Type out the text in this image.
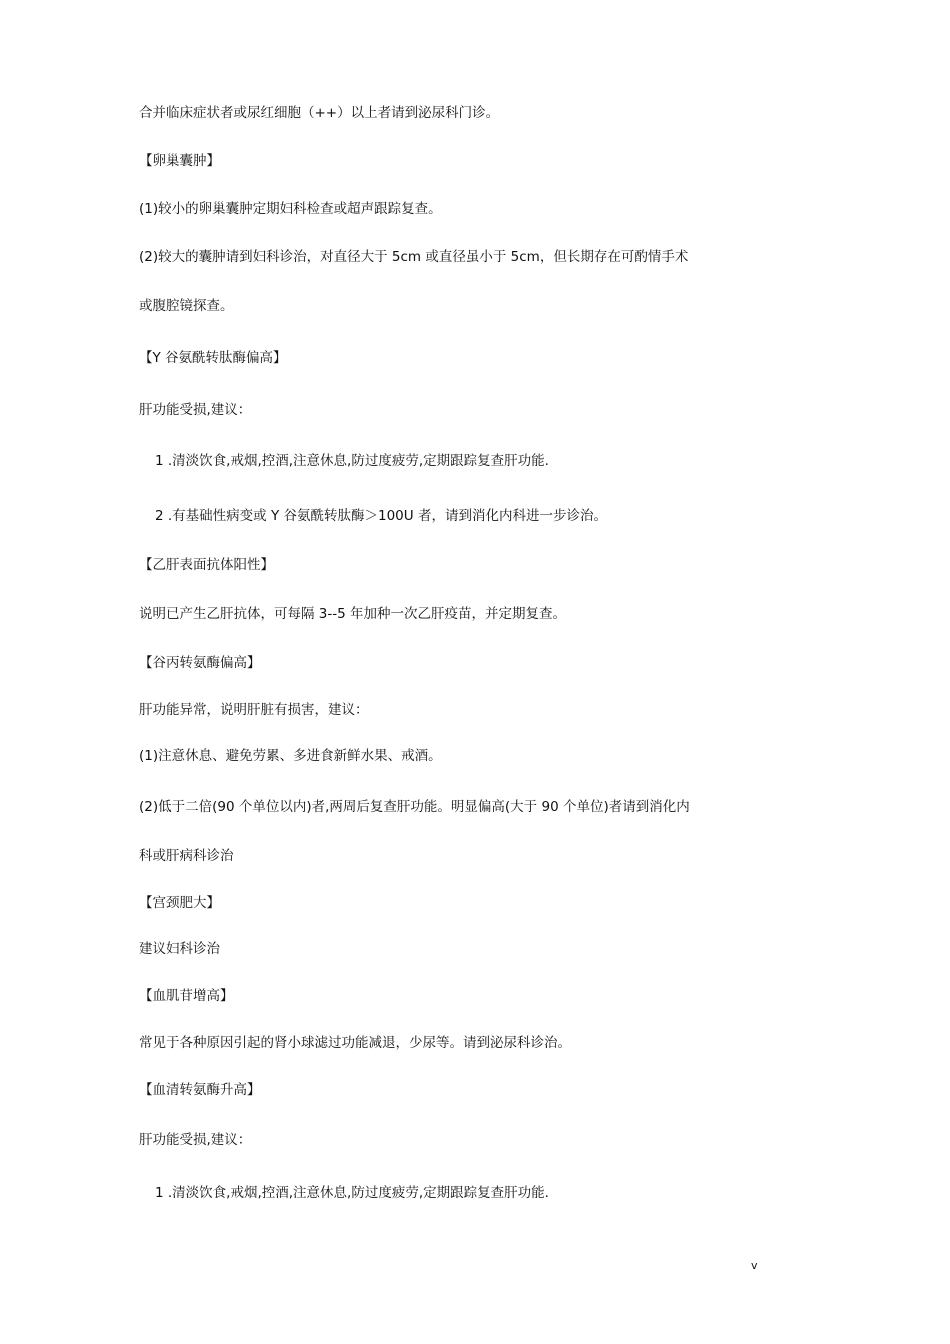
合并临床症状者或尿红细胞（++）以上者请到泌尿科门诊。
【卵巢囊肿】
(1)较小的卵巢囊肿定期妇科检查或超声跟踪复查。
(2)较大的囊肿请到妇科诊治，对直径大于 5cm 或直径虽小于 5cm，但长期存在可酌情手术
或腹腔镜探查。
【Y 谷氨酰转肽酶偏高】
肝功能受损,建议：
1 .清淡饮食,戒烟,控酒,注意休息,防过度疲劳,定期跟踪复查肝功能.
2 .有基础性病变或 Y 谷氨酰转肽酶＞100U 者，请到消化内科进一步诊治。
【乙肝表面抗体阳性】
说明已产生乙肝抗体，可每隔 3--5 年加种一次乙肝疫苗，并定期复查。
【谷丙转氨酶偏高】
肝功能异常，说明肝脏有损害，建议：
(1)注意休息、避免劳累、多进食新鲜水果、戒酒。
(2)低于二倍(90 个单位以内)者,两周后复查肝功能。明显偏高(大于 90 个单位)者请到消化内
科或肝病科诊治
【宫颈肥大】
建议妇科诊治
【血肌苷增高】
常见于各种原因引起的肾小球滤过功能减退，少尿等。请到泌尿科诊治。
【血清转氨酶升高】
肝功能受损,建议：
1 .清淡饮食,戒烟,控酒,注意休息,防过度疲劳,定期跟踪复查肝功能.
v
